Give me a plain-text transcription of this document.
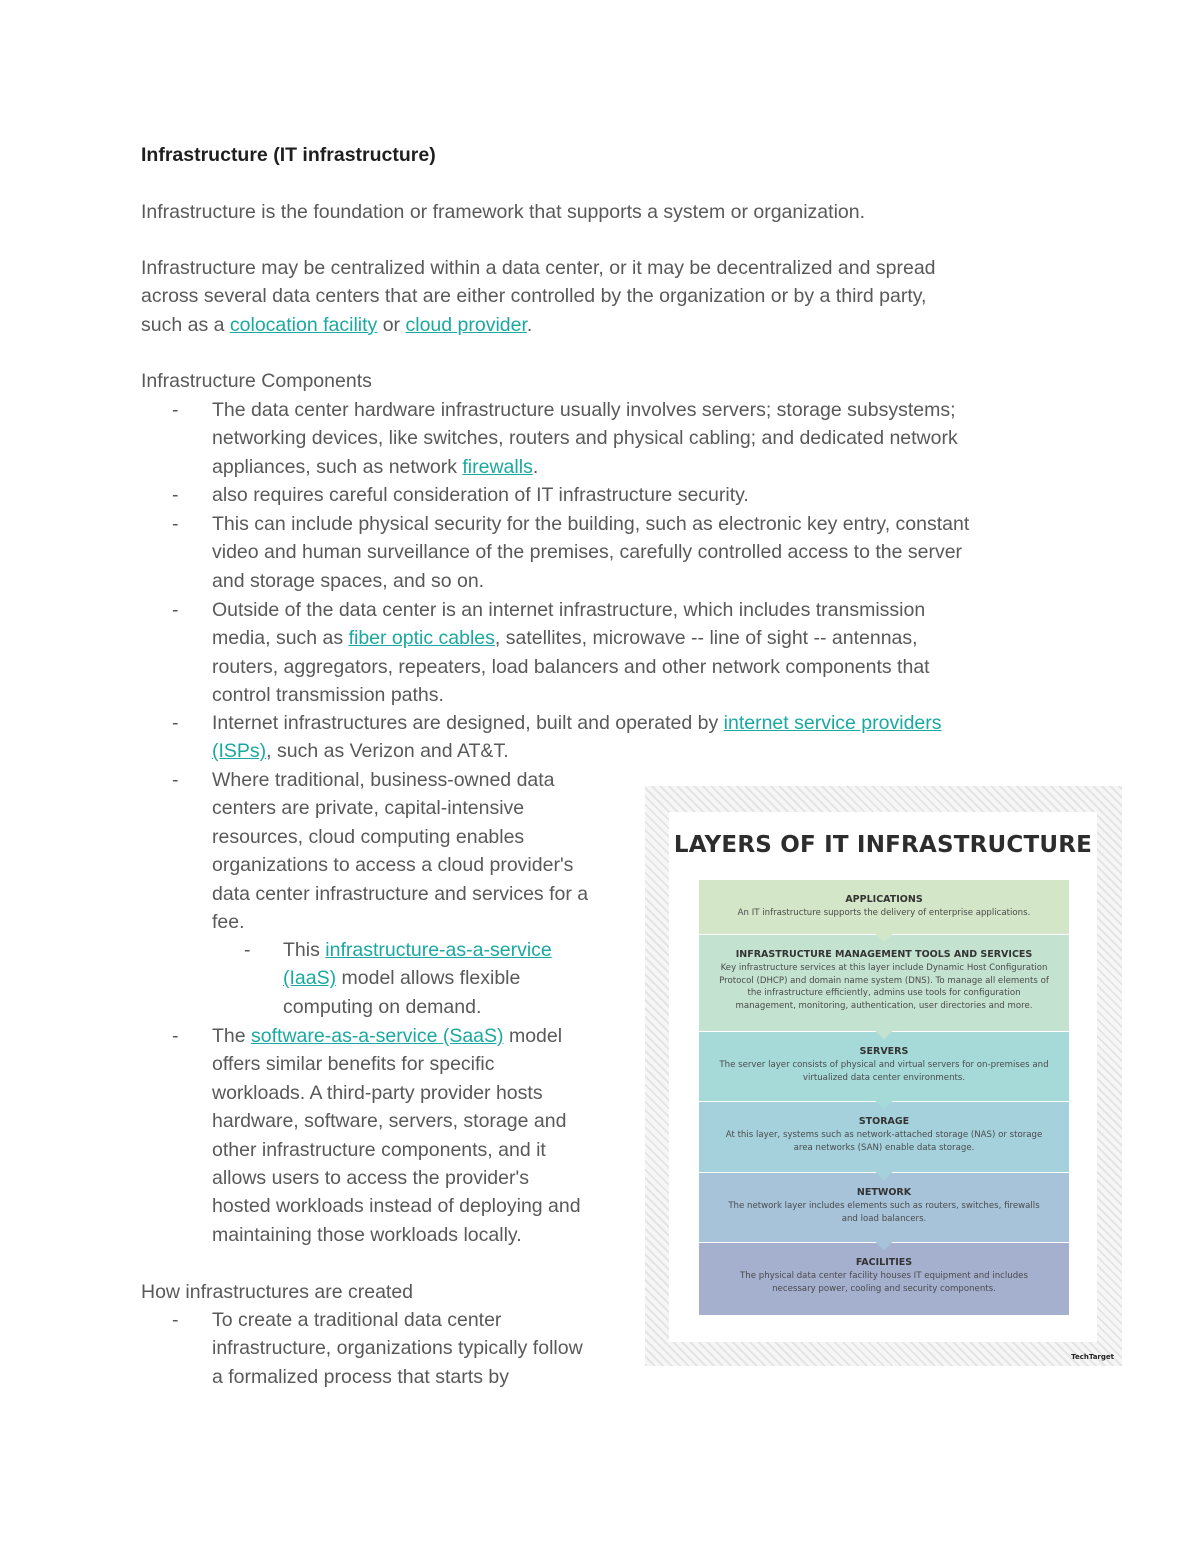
Infrastructure (IT infrastructure)

Infrastructure is the foundation or framework that supports a system or organization.

Infrastructure may be centralized within a data center, or it may be decentralized and spread
across several data centers that are either controlled by the organization or by a third party,
such as a colocation facility or cloud provider.

Infrastructure Components

- The data center hardware infrastructure usually involves servers; storage subsystems;
networking devices, like switches, routers and physical cabling; and dedicated network
appliances, such as network firewalls.

- also requires careful consideration of IT infrastructure security.

- This can include physical security for the building, such as electronic key entry, constant
video and human surveillance of the premises, carefully controlled access to the server
and storage spaces, and so on.

- Outside of the data center is an internet infrastructure, which includes transmission
media, such as fiber optic cables, satellites, microwave -- line of sight -- antennas,
routers, aggregators, repeaters, load balancers and other network components that
control transmission paths.

- Internet infrastructures are designed, built and operated by internet service providers
(ISPs), such as Verizon and AT&T.

- Where traditional, business-owned data
centers are private, capital-intensive
resources, cloud computing enables
organizations to access a cloud provider's
data center infrastructure and services for a
fee.

- This infrastructure-as-a-service
(IaaS) model allows flexible
computing on demand.

- The software-as-a-service (SaaS) model
offers similar benefits for specific
workloads. A third-party provider hosts
hardware, software, servers, storage and
other infrastructure components, and it
allows users to access the provider's
hosted workloads instead of deploying and
maintaining those workloads locally.

How infrastructures are created

- To create a traditional data center
infrastructure, organizations typically follow
a formalized process that starts by

LAYERS OF IT INFRASTRUCTURE
APPLICATIONS
An IT infrastructure supports the delivery of enterprise applications.
INFRASTRUCTURE MANAGEMENT TOOLS AND SERVICES
Key infrastructure services at this layer include Dynamic Host Configuration Protocol (DHCP) and domain name system (DNS). To manage all elements of the infrastructure efficiently, admins use tools for configuration management, monitoring, authentication, user directories and more.
SERVERS
The server layer consists of physical and virtual servers for on-premises and virtualized data center environments.
STORAGE
At this layer, systems such as network-attached storage (NAS) or storage area networks (SAN) enable data storage.
NETWORK
The network layer includes elements such as routers, switches, firewalls and load balancers.
FACILITIES
The physical data center facility houses IT equipment and includes necessary power, cooling and security components.
TechTarget
